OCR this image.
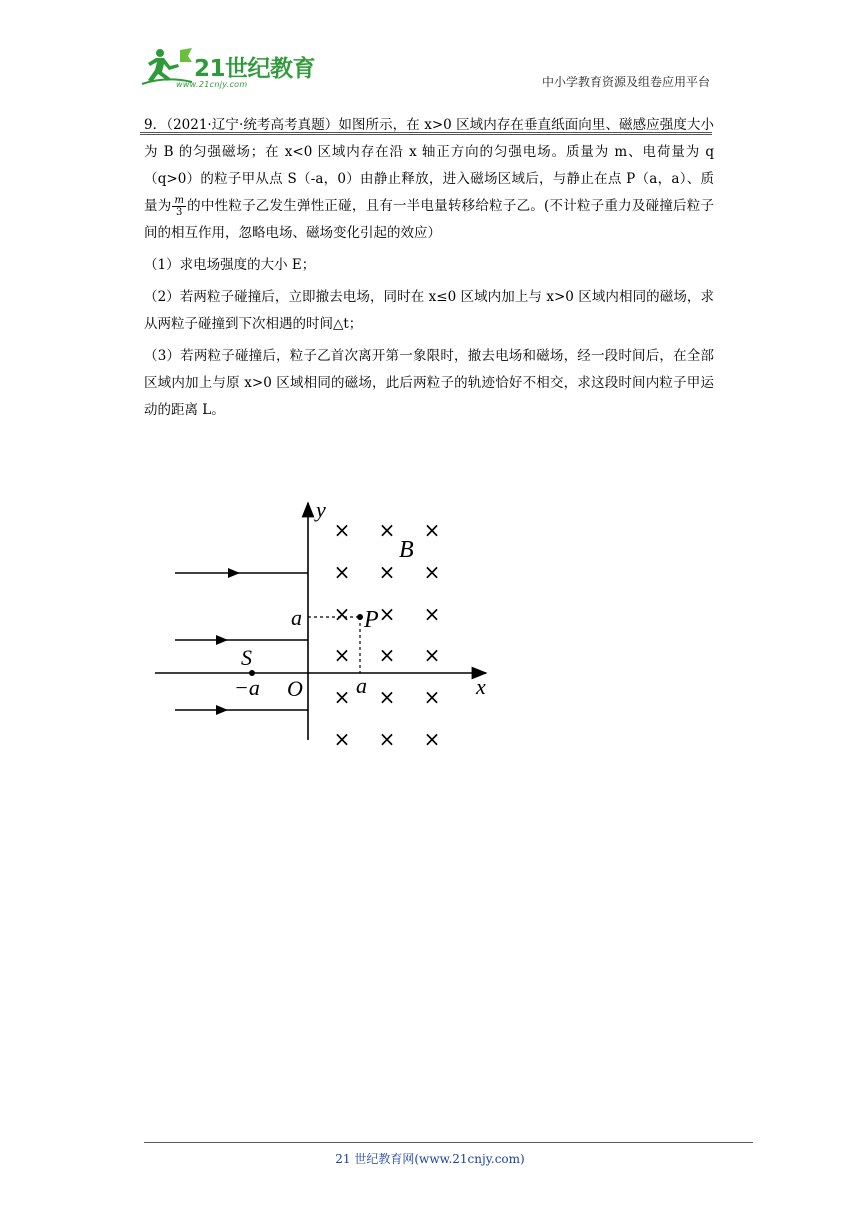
21世纪教育
www.21cnjy.com	中小学教育资源及组卷应用平台

9．（2021·辽宁·统考高考真题）如图所示，在 x>0 区域内存在垂直纸面向里、磁感应强度大小为 B 的匀强磁场；在 x<0 区域内存在沿 x 轴正方向的匀强电场。质量为 m、电荷量为 q（q>0）的粒子甲从点 S（-a，0）由静止释放，进入磁场区域后，与静止在点 P（a，a）、质量为 $\frac{m}{3}$ 的中性粒子乙发生弹性正碰，且有一半电量转移给粒子乙。(不计粒子重力及碰撞后粒子间的相互作用，忽略电场、磁场变化引起的效应）

（1）求电场强度的大小 E；

（2）若两粒子碰撞后，立即撤去电场，同时在 x≤0 区域内加上与 x>0 区域内相同的磁场，求从两粒子碰撞到下次相遇的时间△t；

（3）若两粒子碰撞后，粒子乙首次离开第一象限时，撤去电场和磁场，经一段时间后，在全部区域内加上与原 x>0 区域相同的磁场，此后两粒子的轨迹恰好不相交，求这段时间内粒子甲运动的距离 L。

× × ×
× × ×
× × ×
× × ×
× × ×
× × ×
y
x
B
P
S
O
a
a
−a
21 世纪教育网(www.21cnjy.com)
